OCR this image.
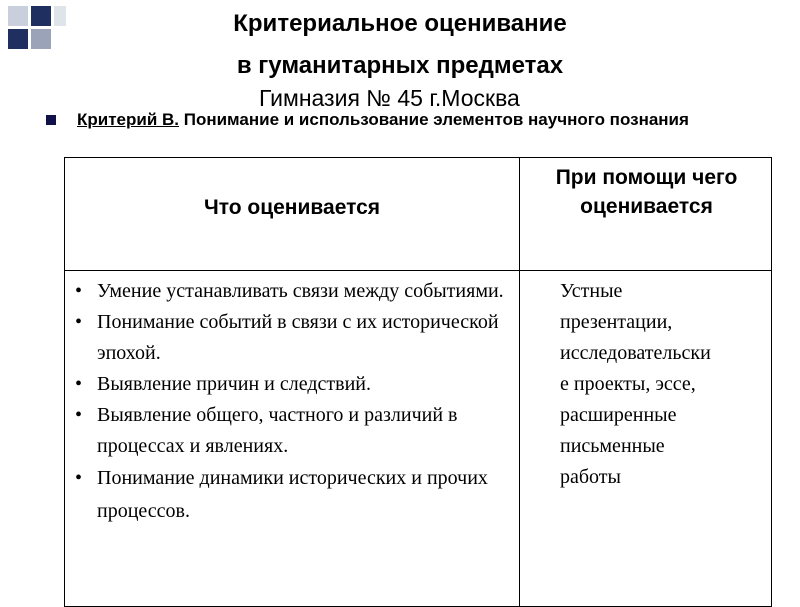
Критериальное оценивание
в гуманитарных предметах
Гимназия № 45 г.Москва
Критерий В. Понимание и использование элементов научного познания
Что оценивается
При помощи чего оценивается
• Умение устанавливать связи между событиями.
• Понимание событий в связи с их исторической эпохой.
• Выявление причин и следствий.
• Выявление общего, частного и различий в процессах и явлениях.
• Понимание динамики исторических и прочих процессов.
Устные
презентации,
исследовательски
е проекты, эссе,
расширенные
письменные
работы
